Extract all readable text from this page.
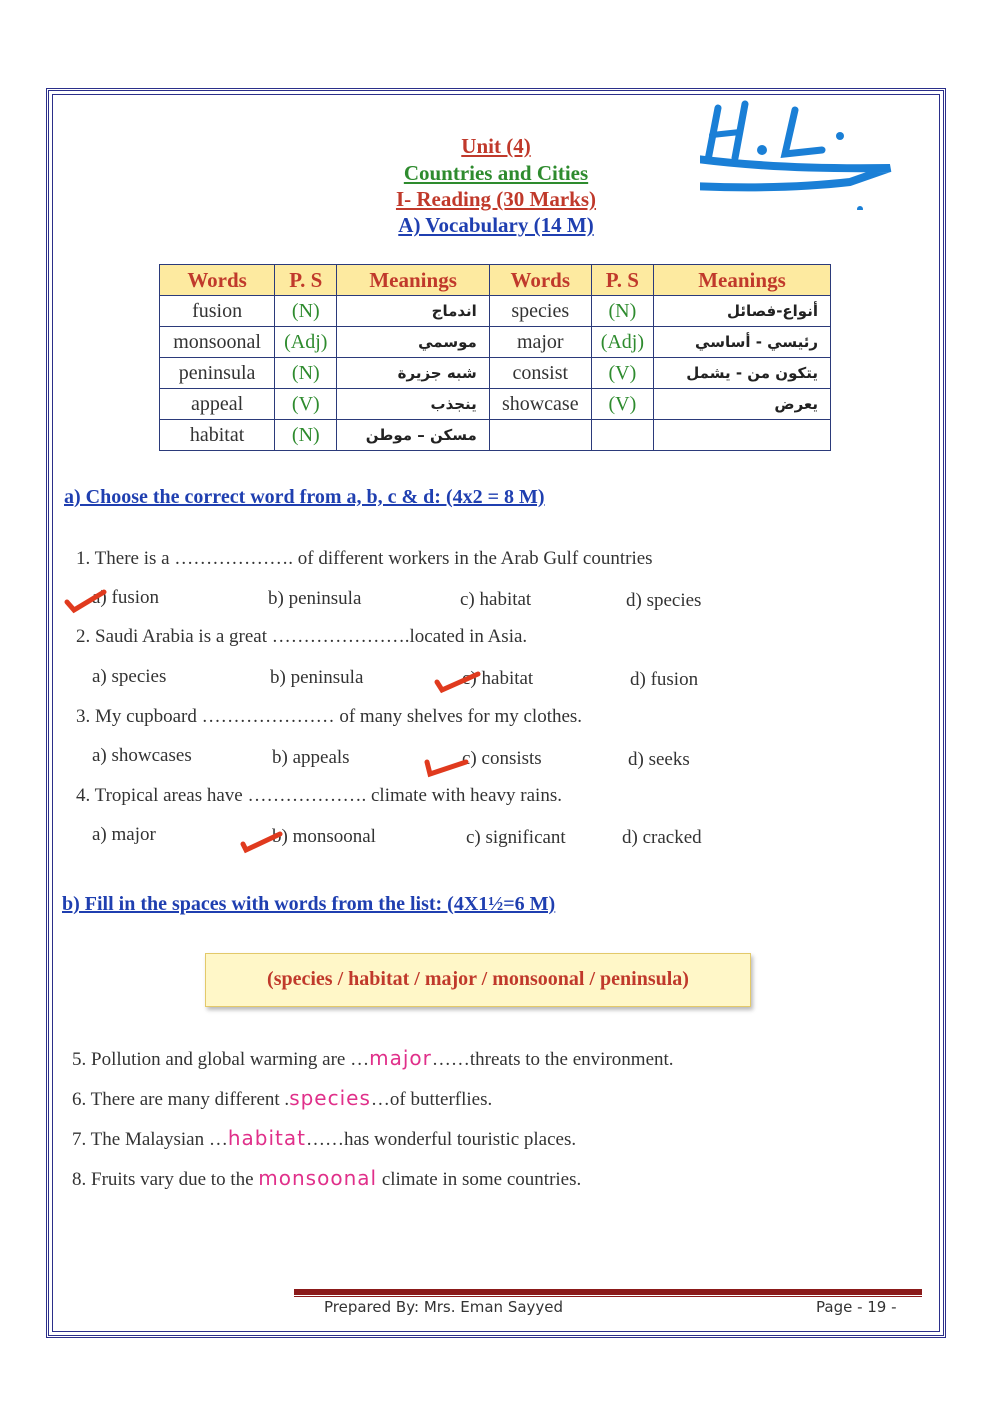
Unit (4)
Countries and Cities
I- Reading (30 Marks)
A) Vocabulary (14 M)
Words	P. S	Meanings	Words	P. S	Meanings
fusion	(N)	اندماج	species	(N)	أنواع-فصائل
monsoonal	(Adj)	موسمي	major	(Adj)	رئيسي - أساسي
peninsula	(N)	شبه جزيرة	consist	(V)	يتكون من - يشمل
appeal	(V)	ينجذب	showcase	(V)	يعرض
habitat	(N)	مسكن – موطن			
a) Choose the correct word from a, b, c & d: (4x2 = 8 M)
1. There is a ………………. of different workers in the Arab Gulf countries
a) fusion	b) peninsula	c) habitat	d) species
2. Saudi Arabia is a great ………………….located in Asia.
a) species	b) peninsula	c) habitat	d) fusion
3. My cupboard ………………… of many shelves for my clothes.
a) showcases	b) appeals	c) consists	d) seeks
4. Tropical areas have ………………. climate with heavy rains.
a) major	b) monsoonal	c) significant	d) cracked
b) Fill in the spaces with words from the list: (4X1½=6 M)
(species / habitat / major / monsoonal / peninsula)
5. Pollution and global warming are …major……threats to the environment.
6. There are many different .species…of butterflies.
7. The Malaysian …habitat……has wonderful touristic places.
8. Fruits vary due to the monsoonal climate in some countries.
Prepared By: Mrs. Eman Sayyed	Page - 19 -
